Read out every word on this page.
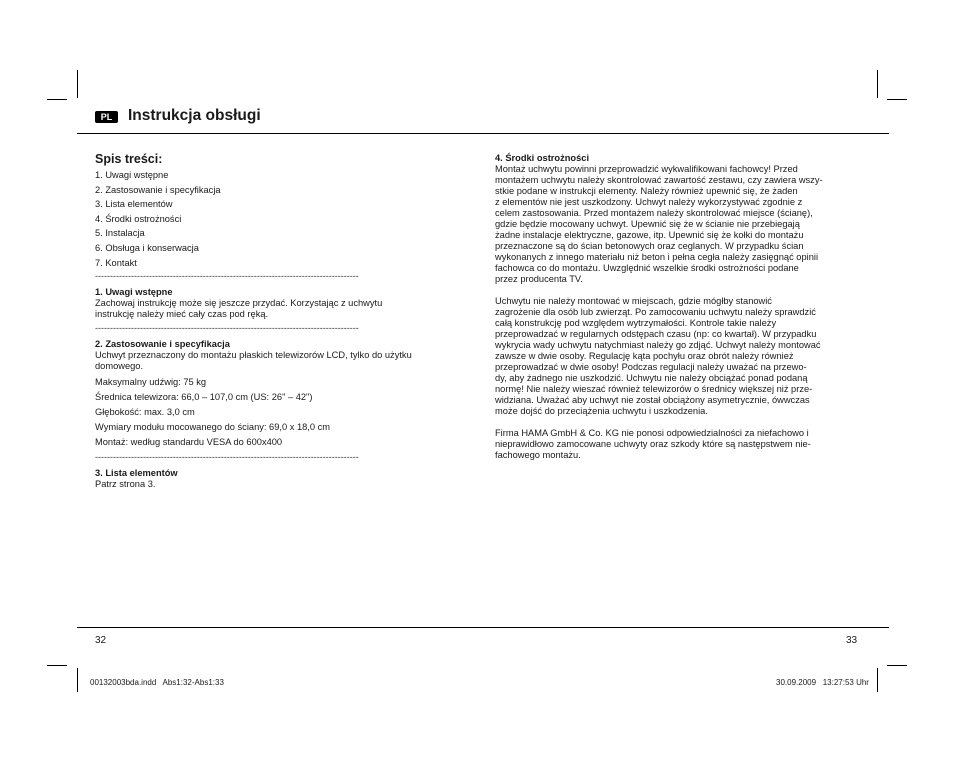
PL	Instrukcja obsługi
Spis treści:
1. Uwagi wstępne
2. Zastosowanie i specyfikacja
3. Lista elementów
4. Środki ostrożności
5. Instalacja
6. Obsługa i konserwacja
7. Kontakt
----------------------------------------------------------------------------------------
1. Uwagi wstępne

Zachowaj instrukcję może się jeszcze przydać. Korzystając z uchwytu

instrukcję należy mieć cały czas pod ręką.

----------------------------------------------------------------------------------------
2. Zastosowanie i specyfikacja

Uchwyt przeznaczony do montażu płaskich telewizorów LCD, tylko do użytku

domowego.

Maksymalny udźwig: 75 kg

Średnica telewizora: 66,0 – 107,0 cm (US: 26" – 42")

Głębokość: max. 3,0 cm

Wymiary modułu mocowanego do ściany: 69,0 x 18,0 cm

Montaż: według standardu VESA do 600x400

----------------------------------------------------------------------------------------
3. Lista elementów

Patrz strona 3.

4. Środki ostrożności

Montaż uchwytu powinni przeprowadzić wykwalifikowani fachowcy! Przed

montażem uchwytu należy skontrolować zawartość zestawu, czy zawiera wszy-

stkie podane w instrukcji elementy. Należy również upewnić się, że żaden

z elementów nie jest uszkodzony. Uchwyt należy wykorzystywać zgodnie z

celem zastosowania. Przed montażem należy skontrolować miejsce (ścianę),

gdzie będzie mocowany uchwyt. Upewnić się że w ścianie nie przebiegają

żadne instalacje elektryczne, gazowe, itp. Upewnić się że kołki do montażu

przeznaczone są do ścian betonowych oraz ceglanych. W przypadku ścian

wykonanych z innego materiału niż beton i pełna cegła należy zasięgnąć opinii

fachowca co do montażu. Uwzględnić wszelkie środki ostrożności podane

przez producenta TV.

Uchwytu nie należy montować w miejscach, gdzie mógłby stanowić

zagrożenie dla osób lub zwierząt. Po zamocowaniu uchwytu należy sprawdzić

całą konstrukcję pod względem wytrzymałości. Kontrole takie należy

przeprowadzać w regularnych odstępach czasu (np: co kwartał). W przypadku

wykrycia wady uchwytu natychmiast należy go zdjąć. Uchwyt należy montować

zawsze w dwie osoby. Regulację kąta pochyłu oraz obrót należy również

przeprowadzać w dwie osoby! Podczas regulacji należy uważać na przewo-

dy, aby żadnego nie uszkodzić. Uchwytu nie należy obciążać ponad podaną

normę! Nie należy wieszać również telewizorów o średnicy większej niż prze-

widziana. Uważać aby uchwyt nie został obciążony asymetrycznie, ówwczas

może dojść do przeciążenia uchwytu i uszkodzenia.

Firma HAMA GmbH & Co. KG nie ponosi odpowiedzialności za niefachowo i

nieprawidłowo zamocowane uchwyty oraz szkody które są następstwem nie-

fachowego montażu.

32	33
00132003bda.indd   Abs1:32-Abs1:33	30.09.2009   13:27:53 Uhr
